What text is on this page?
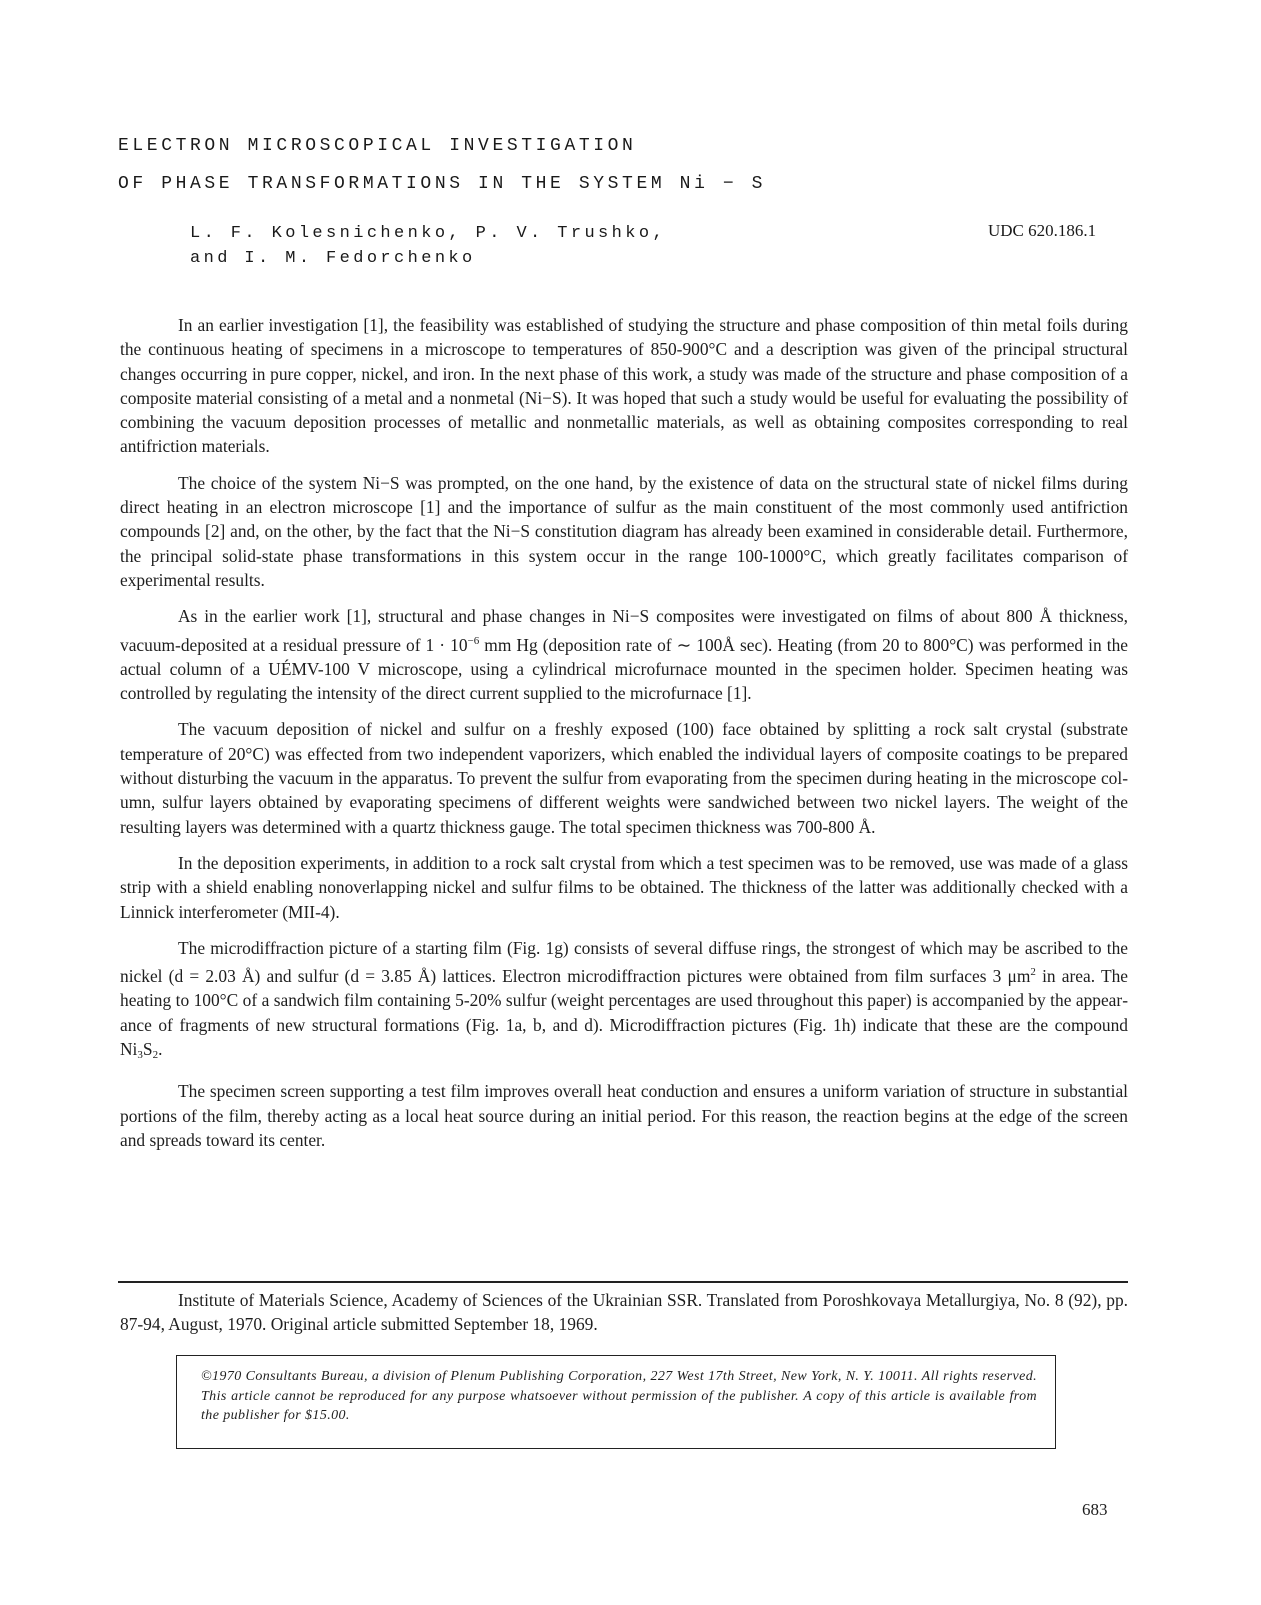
ELECTRON MICROSCOPICAL INVESTIGATION
OF PHASE TRANSFORMATIONS IN THE SYSTEM Ni − S
L. F. Kolesnichenko, P. V. Trushko,
and I. M. Fedorchenko
UDC 620.186.1

In an earlier investigation [1], the feasibility was established of studying the structure and phase composition of thin metal foils during the continuous heating of specimens in a microscope to temperatures of 850-900°C and a description was given of the principal structural changes occurring in pure copper, nickel, and iron. In the next phase of this work, a study was made of the structure and phase composition of a composite material consisting of a metal and a nonmetal (Ni−S). It was hoped that such a study would be useful for evaluating the possibility of combining the vacuum deposition processes of metallic and nonmetallic materials, as well as obtaining composites corresponding to real antifriction materials.

The choice of the system Ni−S was prompted, on the one hand, by the existence of data on the structural state of nickel films during direct heating in an electron microscope [1] and the importance of sulfur as the main constituent of the most commonly used antifriction compounds [2] and, on the other, by the fact that the Ni−S constitution diagram has already been examined in considerable detail. Furthermore, the principal solid-state phase transformations in this system occur in the range 100-1000°C, which greatly facilitates comparison of experimental results.

As in the earlier work [1], structural and phase changes in Ni−S composites were investigated on films of about 800 Å thickness, vacuum-deposited at a residual pressure of $1 \cdot 10^{-6}$ mm Hg (deposition rate of ∼ 100Å sec). Heating (from 20 to 800°C) was performed in the actual column of a UÉMV-100 V microscope, using a cylindrical microfurnace mounted in the specimen holder. Specimen heating was controlled by regulating the intensity of the direct current supplied to the microfurnace [1].

The vacuum deposition of nickel and sulfur on a freshly exposed (100) face obtained by splitting a rock salt crystal (substrate temperature of 20°C) was effected from two independent vaporizers, which enabled the individual layers of composite coatings to be prepared without disturbing the vacuum in the apparatus. To prevent the sulfur from evaporating from the specimen during heating in the microscope column, sulfur layers obtained by evaporating specimens of different weights were sandwiched between two nickel layers. The weight of the resulting layers was determined with a quartz thickness gauge. The total specimen thickness was 700-800 Å.

In the deposition experiments, in addition to a rock salt crystal from which a test specimen was to be removed, use was made of a glass strip with a shield enabling nonoverlapping nickel and sulfur films to be obtained. The thickness of the latter was additionally checked with a Linnick interferometer (MII-4).

The microdiffraction picture of a starting film (Fig. 1g) consists of several diffuse rings, the strongest of which may be ascribed to the nickel (d = 2.03 Å) and sulfur (d = 3.85 Å) lattices. Electron microdiffraction pictures were obtained from film surfaces 3 $\mu m^2$ in area. The heating to 100°C of a sandwich film containing 5-20% sulfur (weight percentages are used throughout this paper) is accompanied by the appearance of fragments of new structural formations (Fig. 1a, b, and d). Microdiffraction pictures (Fig. 1h) indicate that these are the compound $Ni_3S_2$.

The specimen screen supporting a test film improves overall heat conduction and ensures a uniform variation of structure in substantial portions of the film, thereby acting as a local heat source during an initial period. For this reason, the reaction begins at the edge of the screen and spreads toward its center.

Institute of Materials Science, Academy of Sciences of the Ukrainian SSR. Translated from Poroshkovaya Metallurgiya, No. 8 (92), pp. 87-94, August, 1970. Original article submitted September 18, 1969.

©1970 Consultants Bureau, a division of Plenum Publishing Corporation, 227 West 17th Street, New York, N. Y. 10011. All rights reserved. This article cannot be reproduced for any purpose whatsoever without permission of the publisher. A copy of this article is available from the publisher for $15.00.

683
